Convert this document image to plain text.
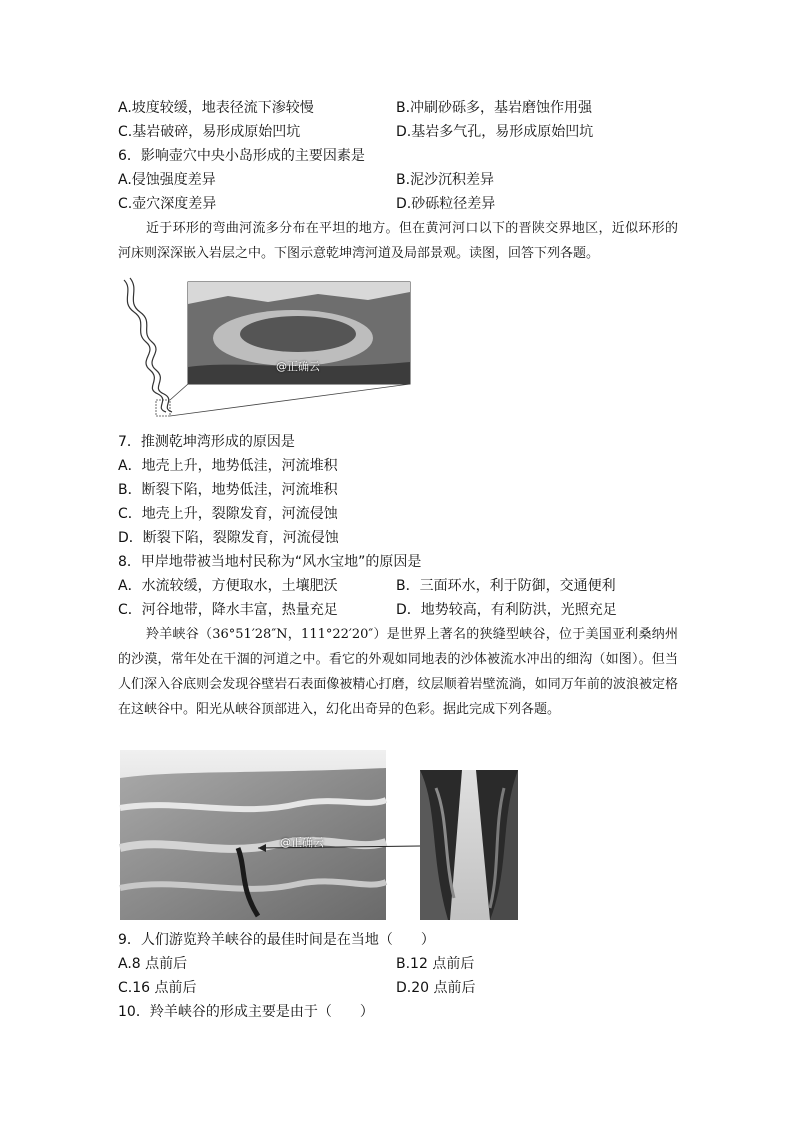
A.坡度较缓，地表径流下渗较慢	B.冲刷砂砾多，基岩磨蚀作用强
C.基岩破碎，易形成原始凹坑	D.基岩多气孔，易形成原始凹坑
6．影响壶穴中央小岛形成的主要因素是
A.侵蚀强度差异	B.泥沙沉积差异
C.壶穴深度差异	D.砂砾粒径差异

近于环形的弯曲河流多分布在平坦的地方。但在黄河河口以下的晋陕交界地区，近似环形的河床则深深嵌入岩层之中。下图示意乾坤湾河道及局部景观。读图，回答下列各题。

@正确云
7．推测乾坤湾形成的原因是
A．地壳上升，地势低洼，河流堆积
B．断裂下陷，地势低洼，河流堆积
C．地壳上升，裂隙发育，河流侵蚀
D．断裂下陷，裂隙发育，河流侵蚀
8．甲岸地带被当地村民称为“风水宝地”的原因是
A．水流较缓，方便取水，土壤肥沃	B．三面环水，利于防御，交通便利
C．河谷地带，降水丰富，热量充足	D．地势较高，有利防洪，光照充足

羚羊峡谷（36°51′28″N，111°22′20″）是世界上著名的狭缝型峡谷，位于美国亚利桑纳州的沙漠，常年处在干涸的河道之中。看它的外观如同地表的沙体被流水冲出的细沟（如图）。但当人们深入谷底则会发现谷壁岩石表面像被精心打磨，纹层顺着岩壁流淌，如同万年前的波浪被定格在这峡谷中。阳光从峡谷顶部进入，幻化出奇异的色彩。据此完成下列各题。

@正确云
9．人们游览羚羊峡谷的最佳时间是在当地（　　）
A.8 点前后	B.12 点前后
C.16 点前后	D.20 点前后
10．羚羊峡谷的形成主要是由于（　　）
